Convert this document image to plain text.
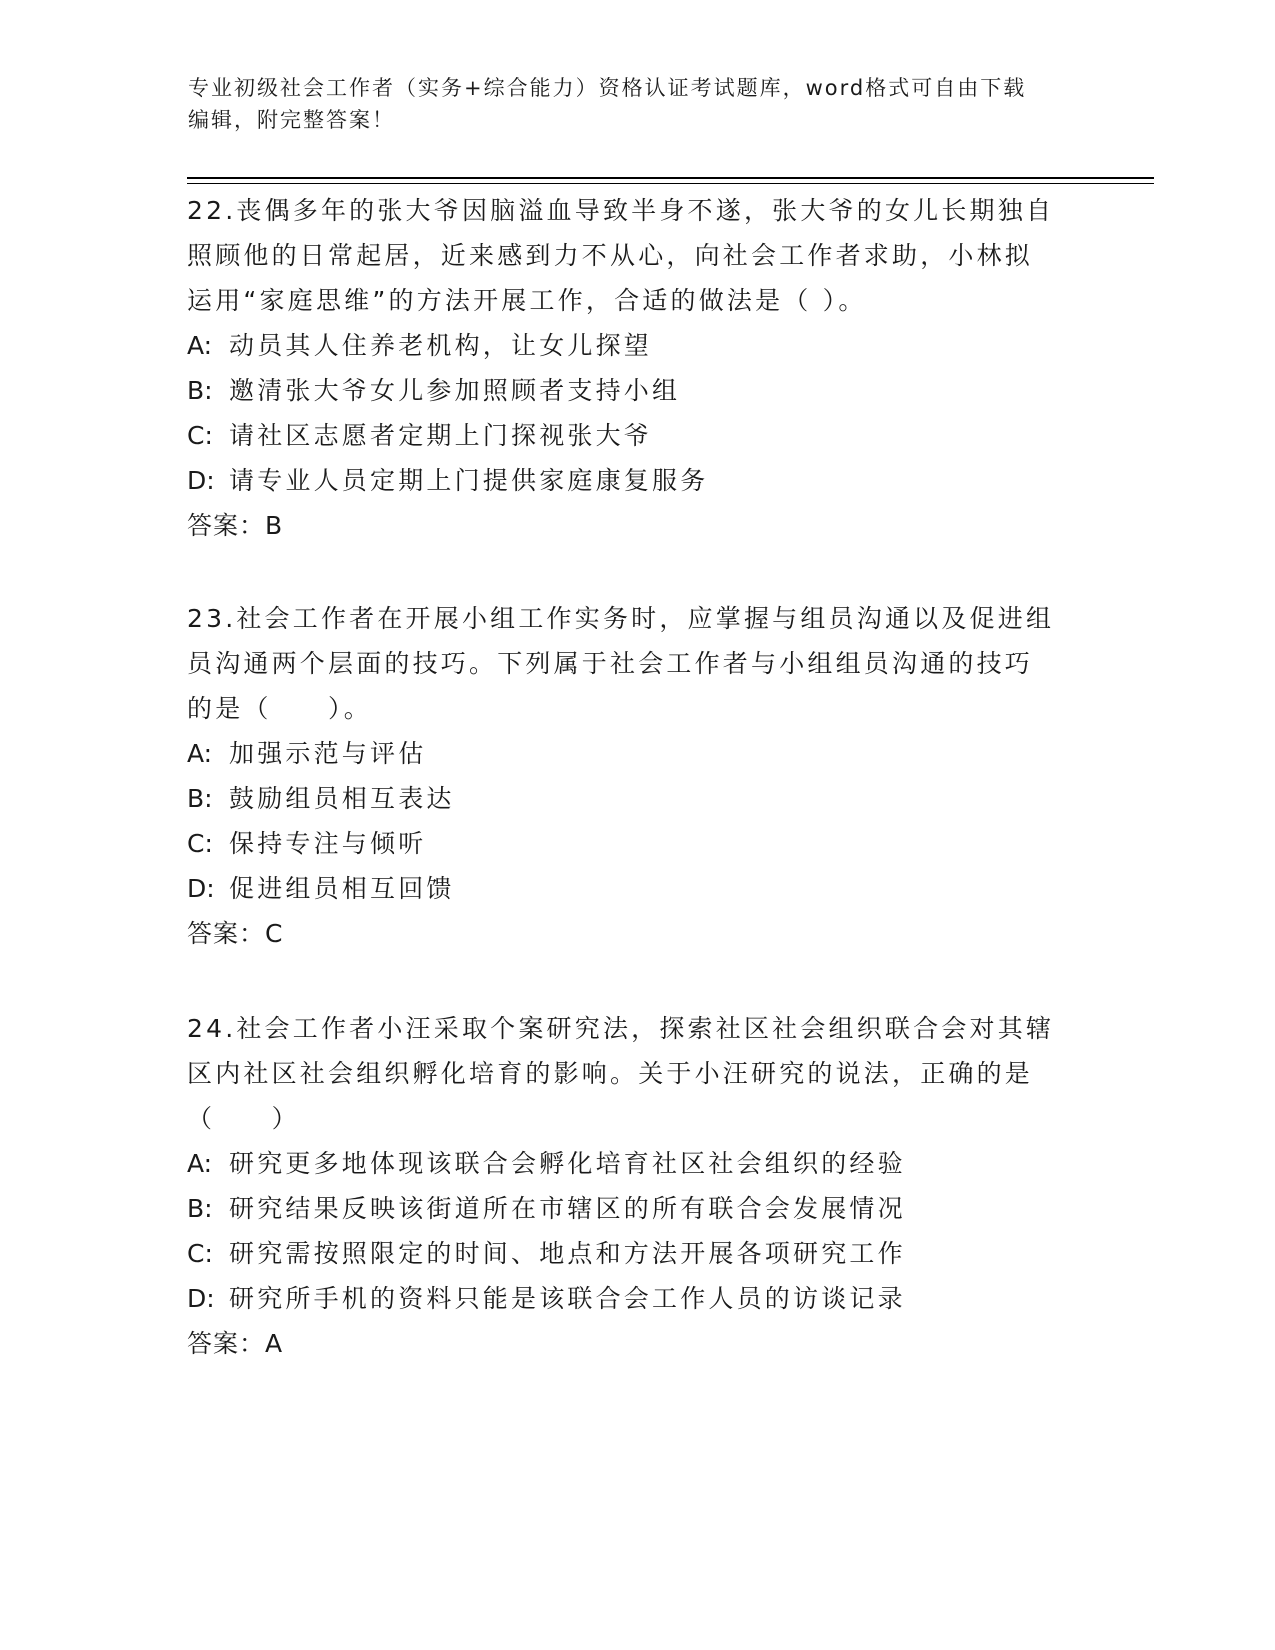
专业初级社会工作者（实务+综合能力）资格认证考试题库，word格式可自由下载
编辑，附完整答案！
22.丧偶多年的张大爷因脑溢血导致半身不遂，张大爷的女儿长期独自
照顾他的日常起居，近来感到力不从心，向社会工作者求助，小林拟
运用“家庭思维”的方法开展工作，合适的做法是（ ）。
A: 动员其人住养老机构，让女儿探望
B: 邀清张大爷女儿参加照顾者支持小组
C: 请社区志愿者定期上门探视张大爷
D: 请专业人员定期上门提供家庭康复服务
答案：B
23.社会工作者在开展小组工作实务时，应掌握与组员沟通以及促进组
员沟通两个层面的技巧。下列属于社会工作者与小组组员沟通的技巧
的是（　　）。
A: 加强示范与评估
B: 鼓励组员相互表达
C: 保持专注与倾听
D: 促进组员相互回馈
答案：C
24.社会工作者小汪采取个案研究法，探索社区社会组织联合会对其辖
区内社区社会组织孵化培育的影响。关于小汪研究的说法，正确的是
（　　）
A: 研究更多地体现该联合会孵化培育社区社会组织的经验
B: 研究结果反映该街道所在市辖区的所有联合会发展情况
C: 研究需按照限定的时间、地点和方法开展各项研究工作
D: 研究所手机的资料只能是该联合会工作人员的访谈记录
答案：A
